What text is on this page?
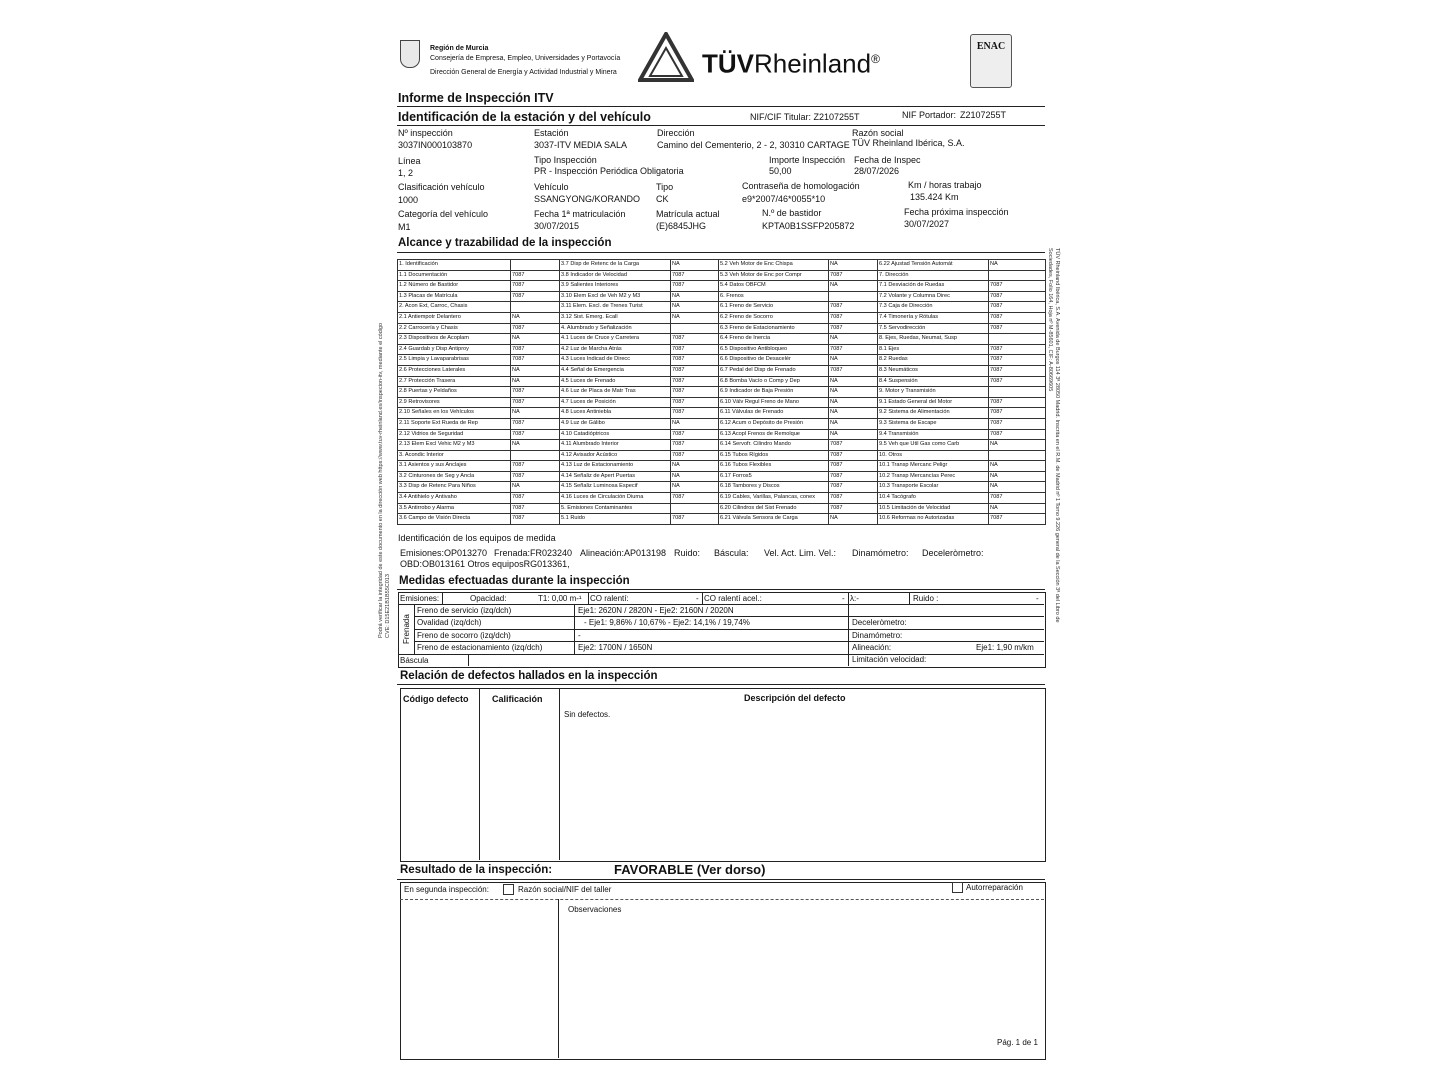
Región de Murcia
Consejería de Empresa, Empleo, Universidades y Portavocía
Dirección General de Energía y Actividad Industrial y Minera	TÜVRheinland®
ENAC
Informe de Inspección ITV
Identificación de la estación y del vehículo	NIF/CIF Titular: Z2107255T	NIF Portador: Z2107255T
Nº inspección
3037IN000103870
Estación
3037-ITV MEDIA SALA
Dirección
Camino del Cementerio, 2 - 2, 30310 CARTAGE
Razón social
TÜV Rheinland Ibérica, S.A.
Línea
1, 2
Tipo Inspección
PR - Inspección Periódica Obligatoria
Importe Inspección
50,00
Fecha de Inspec
28/07/2026
Clasificación vehículo
1000
Vehículo
SSANGYONG/KORANDO
Tipo
CK
Contraseña de homologación
e9*2007/46*0055*10
Km / horas trabajo
135.424 Km
Categoría del vehículo
M1
Fecha 1ª matriculación
30/07/2015
Matrícula actual
(E)6845JHG
N.º de bastidor
KPTA0B1SSFP205872
Fecha próxima inspección
30/07/2027
Alcance y trazabilidad de la inspección
1. Identificación		3.7 Disp de Retenc de la Carga	NA	5.2 Veh Motor de Enc Chispa	NA	6.22 Ajustad Tensión Automát	NA
1.1 Documentación	7087	3.8 Indicador de Velocidad	7087	5.3 Veh Motor de Enc por Compr	7087	7. Dirección	
1.2 Número de Bastidor	7087	3.9 Salientes Interiores	7087	5.4 Datos OBFCM	NA	7.1 Desviación de Ruedas	7087
1.3 Placas de Matrícula	7087	3.10 Elem Excl de Veh M2 y M3	NA	6. Frenos		7.2 Volante y Columna Direc	7087
2. Acon Ext, Carroc, Chasis		3.11 Elem. Excl. de Trenes Turist	NA	6.1 Freno de Servicio	7087	7.3 Caja de Dirección	7087
2.1 Antiempotr Delantero	NA	3.12 Sist. Emerg. Ecall	NA	6.2 Freno de Socorro	7087	7.4 Timonería y Rótulas	7087
2.2 Carrocería y Chasis	7087	4. Alumbrado y Señalización		6.3 Freno de Estacionamiento	7087	7.5 Servodirección	7087
2.3 Dispositivos de Acoplam	NA	4.1 Luces de Cruce y Carretera	7087	6.4 Freno de Inercia	NA	8. Ejes, Ruedas, Neumat, Susp	
2.4 Guardab y Disp Antiproy	7087	4.2 Luz de Marcha Atrás	7087	6.5 Dispositivo Antibloqueo	7087	8.1 Ejes	7087
2.5 Limpia y Lavaparabrisas	7087	4.3 Luces Indicad de Direcc	7087	6.6 Dispositivo de Desacelér	NA	8.2 Ruedas	7087
2.6 Protecciones Laterales	NA	4.4 Señal de Emergencia	7087	6.7 Pedal del Disp de Frenado	7087	8.3 Neumáticos	7087
2.7 Protección Trasera	NA	4.5 Luces de Frenado	7087	6.8 Bomba Vacío o Comp y Dep	NA	8.4 Suspensión	7087
2.8 Puertas y Peldaños	7087	4.6 Luz de Placa de Matr Tras	7087	6.9 Indicador de Baja Presión	NA	9. Motor y Transmisión	
2.9 Retrovisores	7087	4.7 Luces de Posición	7087	6.10 Válv Regul Freno de Mano	NA	9.1 Estado General del Motor	7087
2.10 Señales en los Vehículos	NA	4.8 Luces Antiniebla	7087	6.11 Válvulas de Frenado	NA	9.2 Sistema de Alimentación	7087
2.11 Soporte Ext Rueda de Rep	7087	4.9 Luz de Gálibo	NA	6.12 Acum o Depósito de Presión	NA	9.3 Sistema de Escape	7087
2.12 Vidrios de Seguridad	7087	4.10 Catadióptricos	7087	6.13 Acopl Frenos de Remolque	NA	9.4 Transmisión	7087
2.13 Elem Excl Vehic M2 y M3	NA	4.11 Alumbrado Interior	7087	6.14 Servofr. Cilindro Mando	7087	9.5 Veh que Util Gas como Carb	NA
3. Acondic Interior		4.12 Avisador Acústico	7087	6.15 Tubos Rígidos	7087	10. Otros	
3.1 Asientos y sus Anclajes	7087	4.13 Luz de Estacionamiento	NA	6.16 Tubos Flexibles	7087	10.1 Transp Mercanc Peligr	NA
3.2 Cinturones de Seg y Ancla	7087	4.14 Señaliz de Apert Puertas	NA	6.17 Forros5	7087	10.2 Transp Mercancías Perec	NA
3.3 Disp de Retenc Para Niños	NA	4.15 Señaliz Luminosa Especif	NA	6.18 Tambores y Discos	7087	10.3 Transporte Escolar	NA
3.4 Antihielo y Antivaho	7087	4.16 Luces de Circulación Diurna	7087	6.19 Cables, Varillas, Palancas, conex	7087	10.4 Tacógrafo	7087
3.5 Antirrobo y Alarma	7087	5. Emisiones Contaminantes		6.20 Cilindros del Sist Frenado	7087	10.5 Limitación de Velocidad	NA
3.6 Campo de Visión Directa	7087	5.1 Ruido	7087	6.21 Válvula Sensora de Carga	NA	10.6 Reformas no Autorizadas	7087
Identificación de los equipos de medida
Emisiones:OP013270 Frenada:FR023240 Alineación:AP013198 Ruido: Báscula: Vel. Act. Lim. Vel.: Dinamómetro: Deceleròmetro:
OBD:OB013161 Otros equiposRG013361,
Medidas efectuadas durante la inspección
Emisiones:	Opacidad:	T1: 0,00 m-¹ CO ralentí:	- CO ralentí acel.:	- λ:-	Ruido :	-
Frenada
Freno de servicio (izq/dch)	Eje1: 2620N / 2820N - Eje2: 2160N / 2020N
Ovalidad (izq/dch)	- Eje1: 9,86% / 10,67% - Eje2: 14,1% / 19,74%
Freno de socorro (izq/dch)	-
Freno de estacionamiento (izq/dch)	Eje2: 1700N / 1650N
Deceleròmetro:
Dinamómetro:
Alineación:	Eje1: 1,90 m/km
Limitación velocidad:
Báscula
Relación de defectos hallados en la inspección
Código defecto	Calificación	Descripción del defecto
Sin defectos.
Resultado de la inspección:	FAVORABLE (Ver dorso)
En segunda inspección:	Razón social/NIF del taller	Autorreparación
Observaciones
Pág. 1 de 1
Podrá verificar la integridad de este documento en la dirección web https://www.tuv-rheinland.es/inspecion-itv, mediante el código CVE: D15E21B1B55C013	TÜV Rheinland Ibérica, S.A. Avenida de Burgos 114 3ª 28050 Madrid. Inscrita en el R.M. de Madrid nº 1 Tomo 9.226 general de la Sección 3ª del Libro de
Sociedades, Folio 164, Hoja nº M-85601, CIF: A-80669605
